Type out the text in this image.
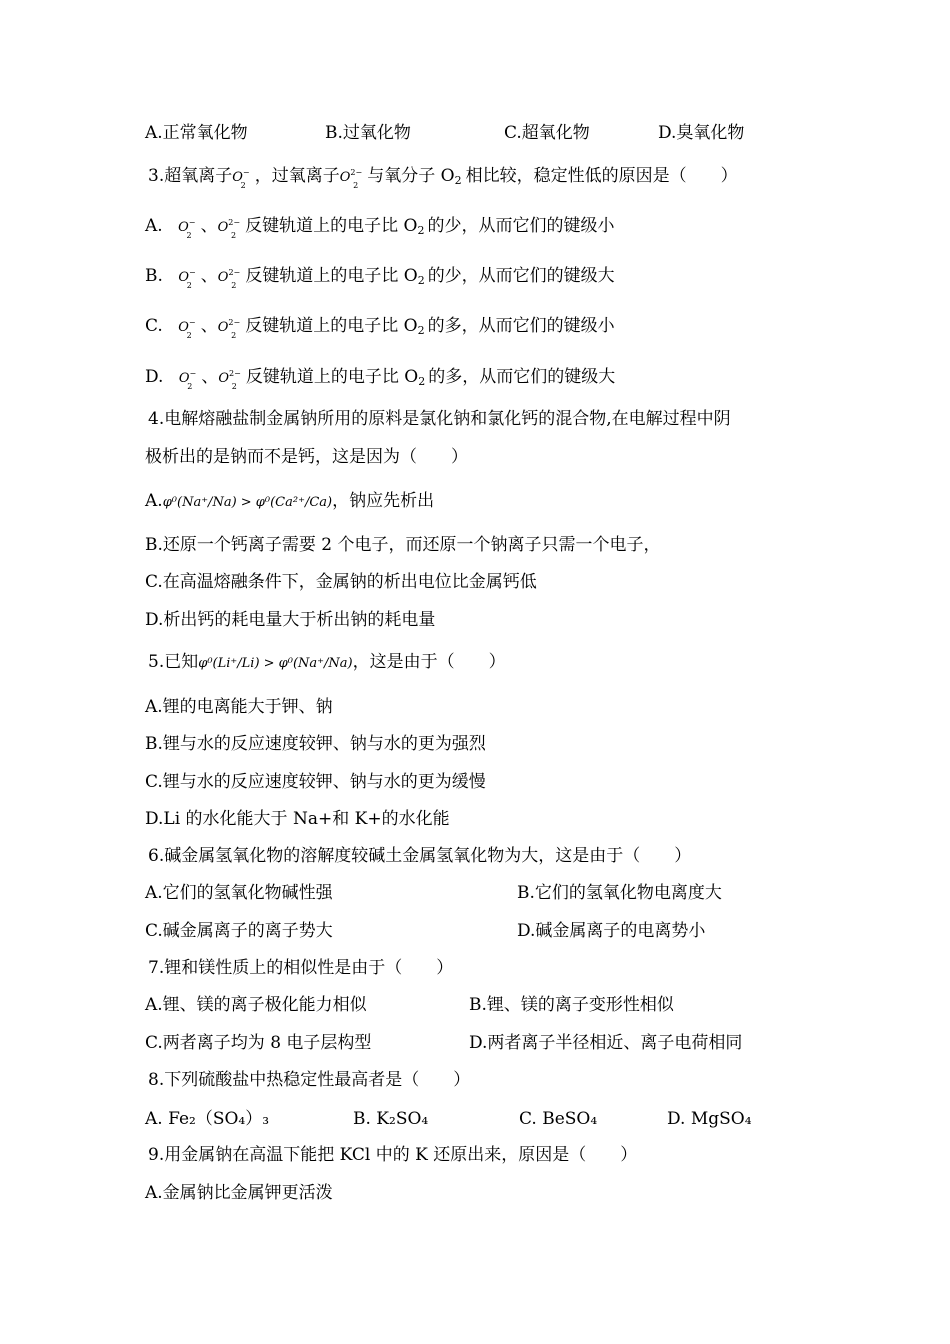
A.正常氧化物	B.过氧化物	C.超氧化物	D.臭氧化物
3.超氧离子$O^-_2$ ，过氧离子$O^{2-}_2$ 与氧分子 $O_2$ 相比较，稳定性低的原因是（　　）
A. $O^-_2$ 、$O^{2-}_2$ 反键轨道上的电子比 $O_2$ 的少，从而它们的键级小
B. $O^-_2$ 、$O^{2-}_2$ 反键轨道上的电子比 $O_2$ 的少，从而它们的键级大
C. $O^-_2$ 、$O^{2-}_2$ 反键轨道上的电子比 $O_2$ 的多，从而它们的键级小
D. $O^-_2$ 、$O^{2-}_2$ 反键轨道上的电子比 $O_2$ 的多，从而它们的键级大
4.电解熔融盐制金属钠所用的原料是氯化钠和氯化钙的混合物,在电解过程中阴
极析出的是钠而不是钙，这是因为（　　）
A.φ⁰(Na⁺/Na) > φ⁰(Ca²⁺/Ca)，钠应先析出
B.还原一个钙离子需要 2 个电子，而还原一个钠离子只需一个电子，
C.在高温熔融条件下，金属钠的析出电位比金属钙低
D.析出钙的耗电量大于析出钠的耗电量
5.已知φ⁰(Li⁺/Li) > φ⁰(Na⁺/Na)，这是由于（　　）
A.锂的电离能大于钾、钠
B.锂与水的反应速度较钾、钠与水的更为强烈
C.锂与水的反应速度较钾、钠与水的更为缓慢
D.Li 的水化能大于 Na+和 K+的水化能
6.碱金属氢氧化物的溶解度较碱土金属氢氧化物为大，这是由于（　　）
A.它们的氢氧化物碱性强	B.它们的氢氧化物电离度大
C.碱金属离子的离子势大	D.碱金属离子的电离势小
7.锂和镁性质上的相似性是由于（　　）
A.锂、镁的离子极化能力相似	B.锂、镁的离子变形性相似
C.两者离子均为 8 电子层构型	D.两者离子半径相近、离子电荷相同
8.下列硫酸盐中热稳定性最高者是（　　）
A. Fe₂（SO₄）₃	B. K₂SO₄	C. BeSO₄	D. MgSO₄
9.用金属钠在高温下能把 KCl 中的 K 还原出来，原因是（　　）
A.金属钠比金属钾更活泼
